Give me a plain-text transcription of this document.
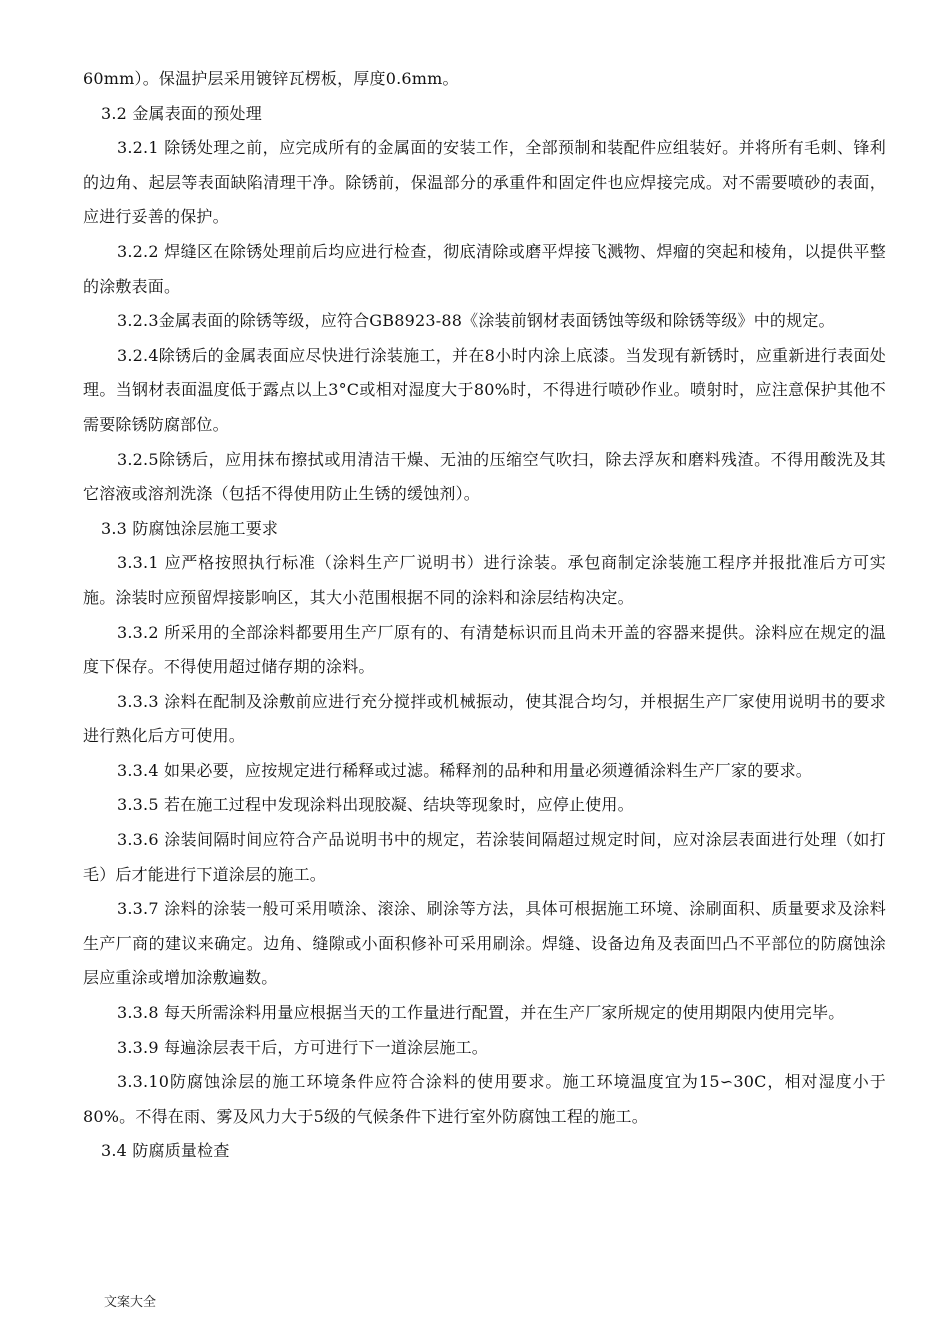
60mm）。保温护层采用镀锌瓦楞板，厚度0.6mm。

3.2 金属表面的预处理

3.2.1 除锈处理之前，应完成所有的金属面的安装工作，全部预制和装配件应组装好。并将所有毛刺、锋利的边角、起层等表面缺陷清理干净。除锈前，保温部分的承重件和固定件也应焊接完成。对不需要喷砂的表面，应进行妥善的保护。

3.2.2 焊缝区在除锈处理前后均应进行检查，彻底清除或磨平焊接飞溅物、焊瘤的突起和棱角，以提供平整的涂敷表面。

3.2.3金属表面的除锈等级，应符合GB8923-88《涂装前钢材表面锈蚀等级和除锈等级》中的规定。

3.2.4除锈后的金属表面应尽快进行涂装施工，并在8小时内涂上底漆。当发现有新锈时，应重新进行表面处理。当钢材表面温度低于露点以上3°C或相对湿度大于80%时，不得进行喷砂作业。喷射时，应注意保护其他不需要除锈防腐部位。

3.2.5除锈后，应用抹布擦拭或用清洁干燥、无油的压缩空气吹扫，除去浮灰和磨料残渣。不得用酸洗及其它溶液或溶剂洗涤（包括不得使用防止生锈的缓蚀剂）。

3.3 防腐蚀涂层施工要求

3.3.1 应严格按照执行标准（涂料生产厂说明书）进行涂装。承包商制定涂装施工程序并报批准后方可实施。涂装时应预留焊接影响区，其大小范围根据不同的涂料和涂层结构决定。

3.3.2 所采用的全部涂料都要用生产厂原有的、有清楚标识而且尚未开盖的容器来提供。涂料应在规定的温度下保存。不得使用超过储存期的涂料。

3.3.3 涂料在配制及涂敷前应进行充分搅拌或机械振动，使其混合均匀，并根据生产厂家使用说明书的要求进行熟化后方可使用。

3.3.4 如果必要，应按规定进行稀释或过滤。稀释剂的品种和用量必须遵循涂料生产厂家的要求。

3.3.5 若在施工过程中发现涂料出现胶凝、结块等现象时，应停止使用。

3.3.6 涂装间隔时间应符合产品说明书中的规定，若涂装间隔超过规定时间，应对涂层表面进行处理（如打毛）后才能进行下道涂层的施工。

3.3.7 涂料的涂装一般可采用喷涂、滚涂、刷涂等方法，具体可根据施工环境、涂刷面积、质量要求及涂料生产厂商的建议来确定。边角、缝隙或小面积修补可采用刷涂。焊缝、设备边角及表面凹凸不平部位的防腐蚀涂层应重涂或增加涂敷遍数。

3.3.8 每天所需涂料用量应根据当天的工作量进行配置，并在生产厂家所规定的使用期限内使用完毕。

3.3.9 每遍涂层表干后，方可进行下一道涂层施工。

3.3.10防腐蚀涂层的施工环境条件应符合涂料的使用要求。施工环境温度宜为15∽30C，相对湿度小于80%。不得在雨、雾及风力大于5级的气候条件下进行室外防腐蚀工程的施工。

3.4 防腐质量检查

文案大全
